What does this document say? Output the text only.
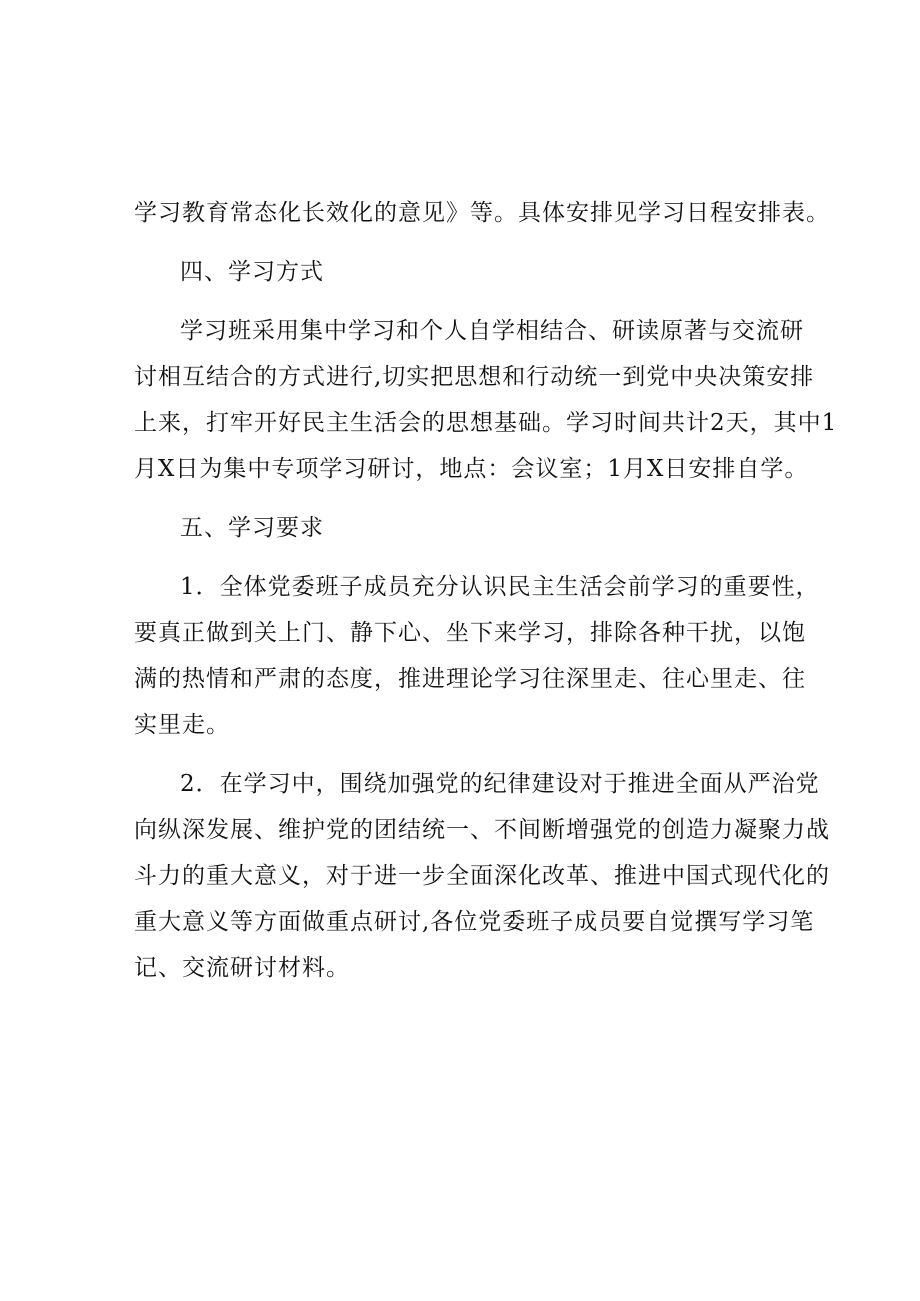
学习教育常态化长效化的意见》等。具体安排见学习日程安排表。
四、学习方式
学习班采用集中学习和个人自学相结合、研读原著与交流研
讨相互结合的方式进行,切实把思想和行动统一到党中央决策安排
上来，打牢开好民主生活会的思想基础。学习时间共计2天，其中1
月X日为集中专项学习研讨，地点：会议室；1月X日安排自学。
五、学习要求
1．全体党委班子成员充分认识民主生活会前学习的重要性，
要真正做到关上门、静下心、坐下来学习，排除各种干扰，以饱
满的热情和严肃的态度，推进理论学习往深里走、往心里走、往
实里走。
2．在学习中，围绕加强党的纪律建设对于推进全面从严治党
向纵深发展、维护党的团结统一、不间断增强党的创造力凝聚力战
斗力的重大意义，对于进一步全面深化改革、推进中国式现代化的
重大意义等方面做重点研讨,各位党委班子成员要自觉撰写学习笔
记、交流研讨材料。
